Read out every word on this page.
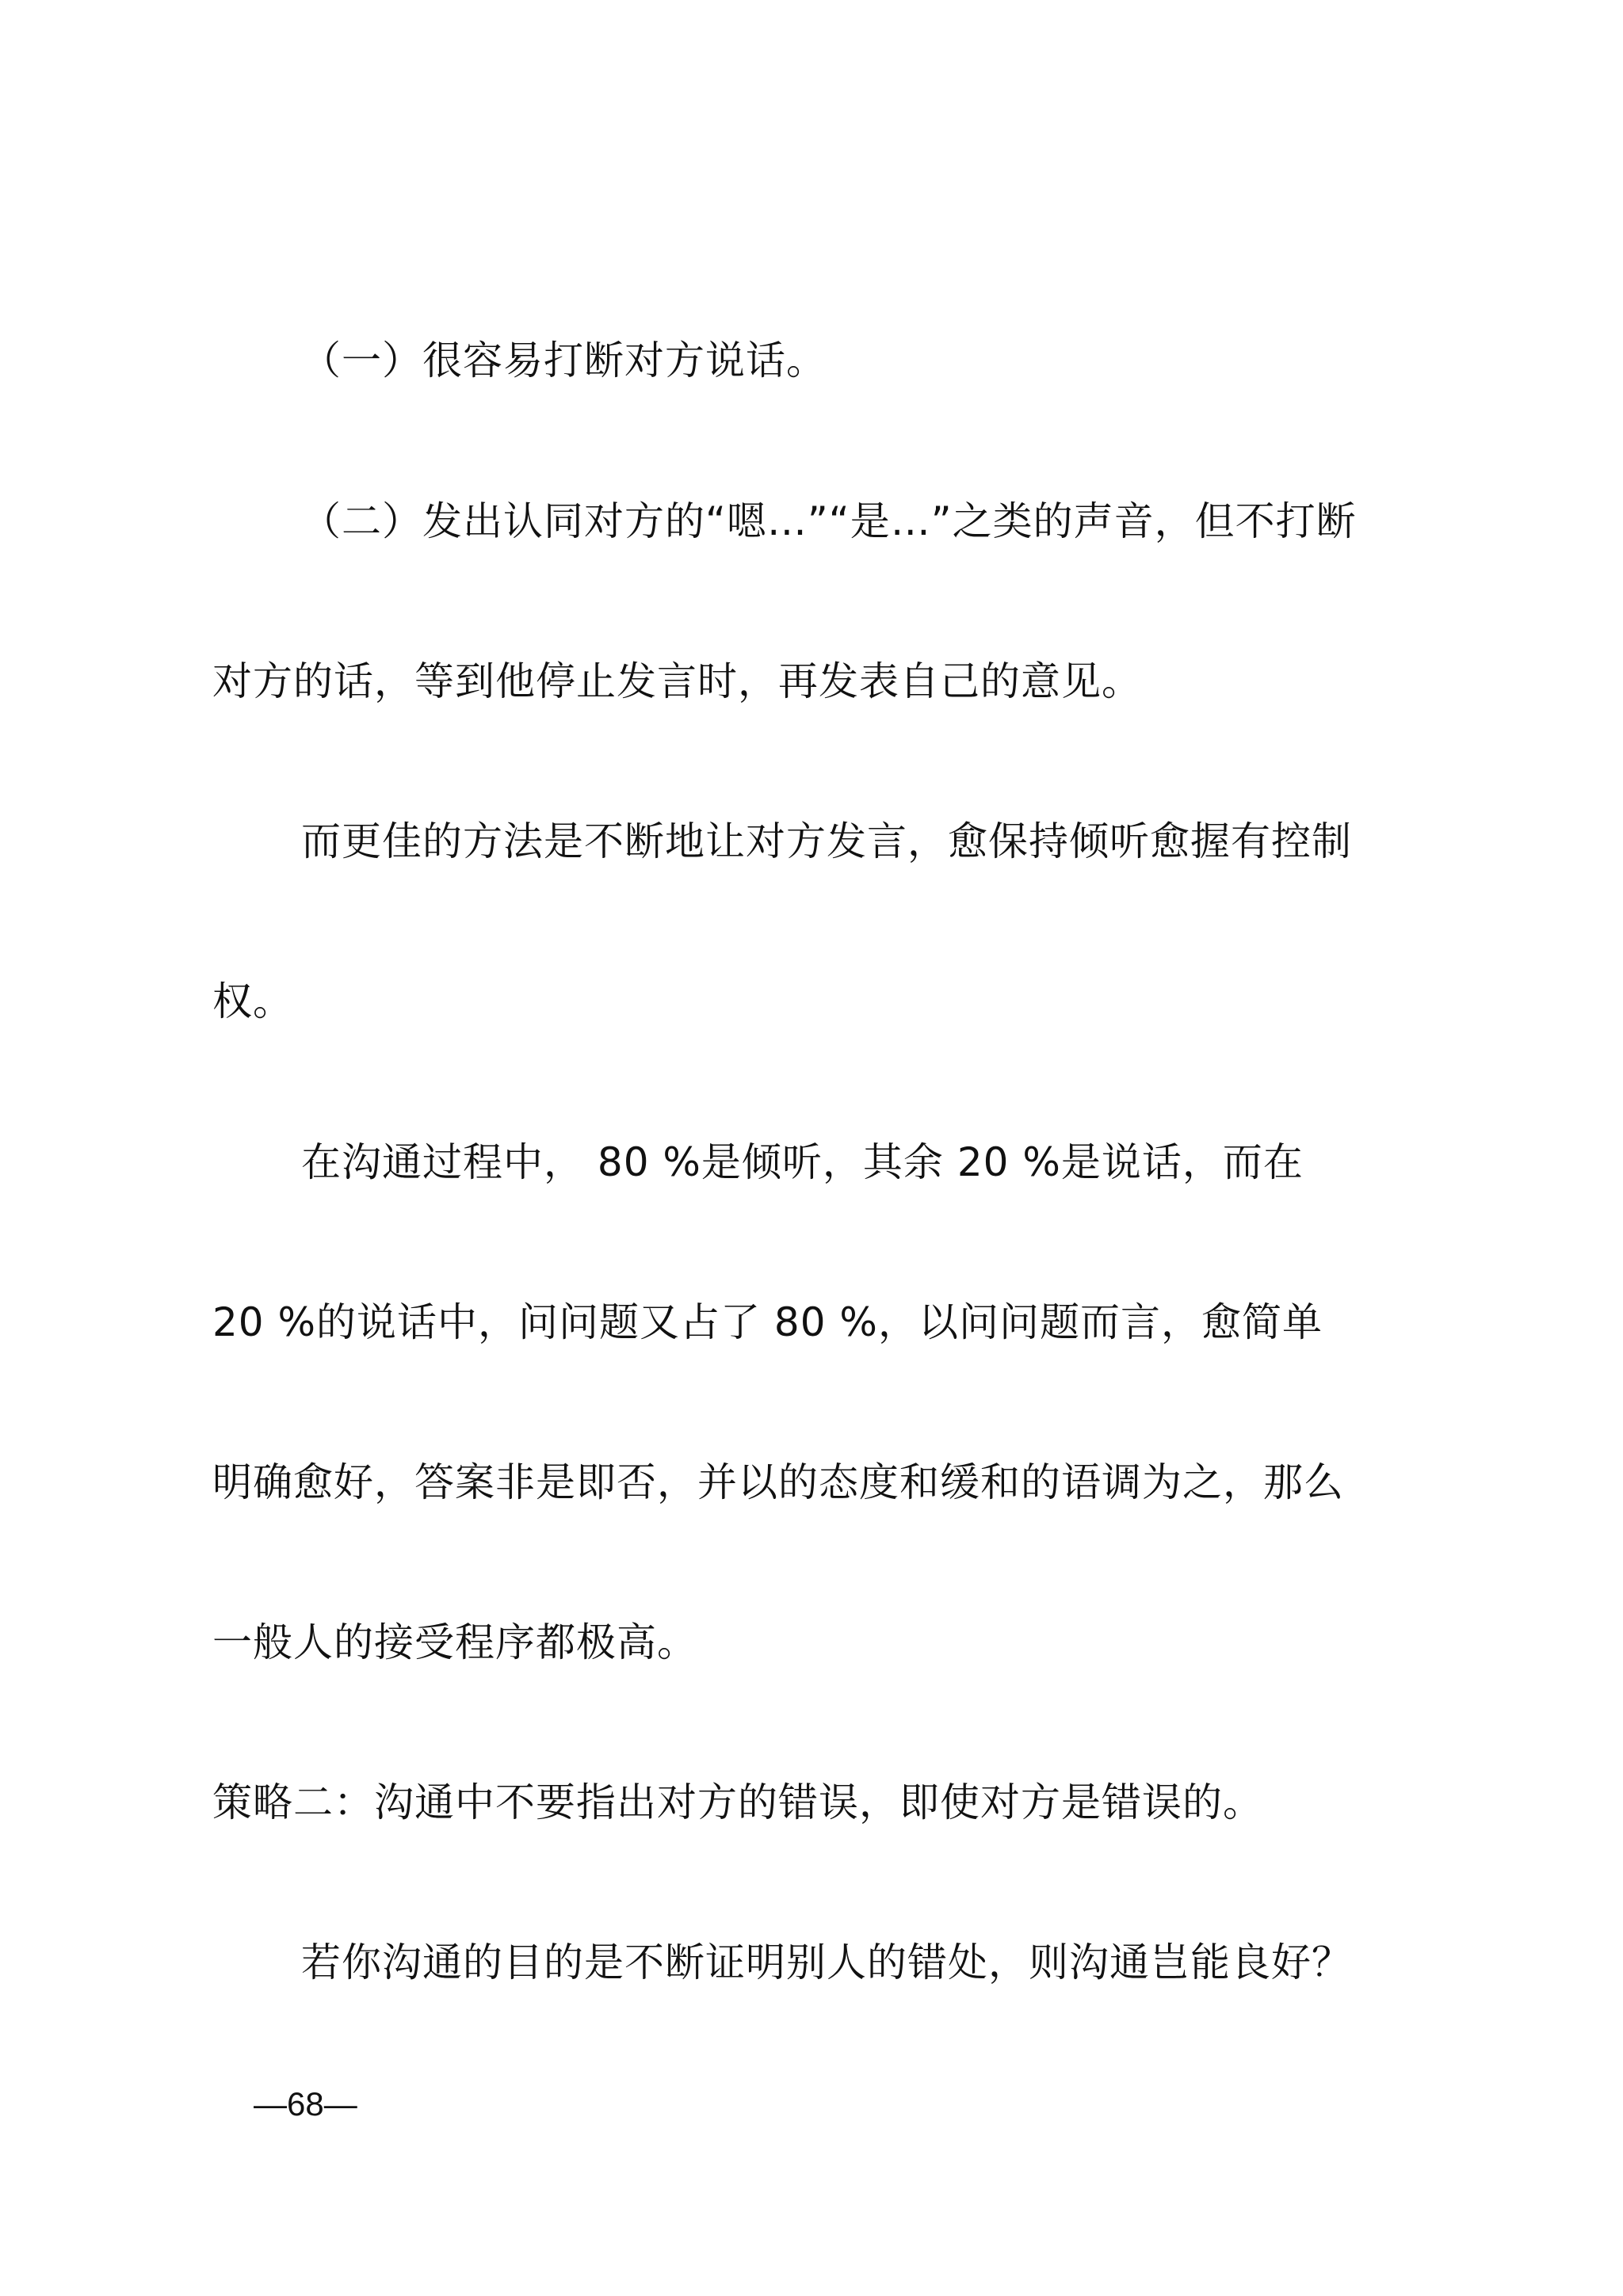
（一）很容易打断对方说话。
（二）发出认同对方的“嗯…”“是…”之类的声音，但不打断
对方的话，等到他停止发言时，再发表自己的意见。
而更佳的方法是不断地让对方发言，愈保持倾听愈握有控制
权。
在沟通过程中， 80 %是倾听，其余 20 %是说话，而在
20 %的说话中，问问题又占了 80 %，以问问题而言，愈简单
明确愈好，答案非是即否，并以的态度和缓和的语调为之，那么
一般人的接受程序都极高。
策略二：沟通中不要指出对方的错误，即使对方是错误的。
若你沟通的目的是不断证明别人的错处，则沟通岂能良好？
—68—
